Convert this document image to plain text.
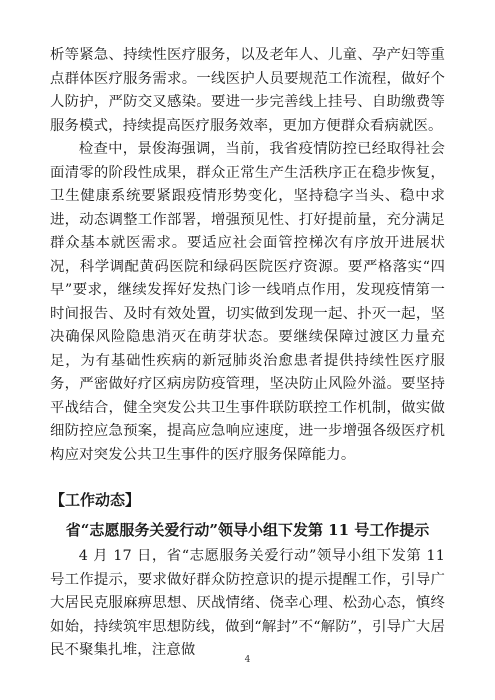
析等紧急、持续性医疗服务，以及老年人、儿童、孕产妇等重点群体医疗服务需求。一线医护人员要规范工作流程，做好个人防护，严防交叉感染。要进一步完善线上挂号、自助缴费等服务模式，持续提高医疗服务效率，更加方便群众看病就医。

检查中，景俊海强调，当前，我省疫情防控已经取得社会面清零的阶段性成果，群众正常生产生活秩序正在稳步恢复，卫生健康系统要紧跟疫情形势变化，坚持稳字当头、稳中求进，动态调整工作部署，增强预见性、打好提前量，充分满足群众基本就医需求。要适应社会面管控梯次有序放开进展状况，科学调配黄码医院和绿码医院医疗资源。要严格落实“四早”要求，继续发挥好发热门诊一线哨点作用，发现疫情第一时间报告、及时有效处置，切实做到发现一起、扑灭一起，坚决确保风险隐患消灭在萌芽状态。要继续保障过渡区力量充足，为有基础性疾病的新冠肺炎治愈患者提供持续性医疗服务，严密做好疗区病房防疫管理，坚决防止风险外溢。要坚持平战结合，健全突发公共卫生事件联防联控工作机制，做实做细防控应急预案，提高应急响应速度，进一步增强各级医疗机构应对突发公共卫生事件的医疗服务保障能力。

【工作动态】
省“志愿服务关爱行动”领导小组下发第 11 号工作提示

4 月 17 日，省“志愿服务关爱行动”领导小组下发第 11 号工作提示，要求做好群众防控意识的提示提醒工作，引导广大居民克服麻痹思想、厌战情绪、侥幸心理、松劲心态，慎终如始，持续筑牢思想防线，做到“解封”不“解防”，引导广大居民不聚集扎堆，注意做

4
